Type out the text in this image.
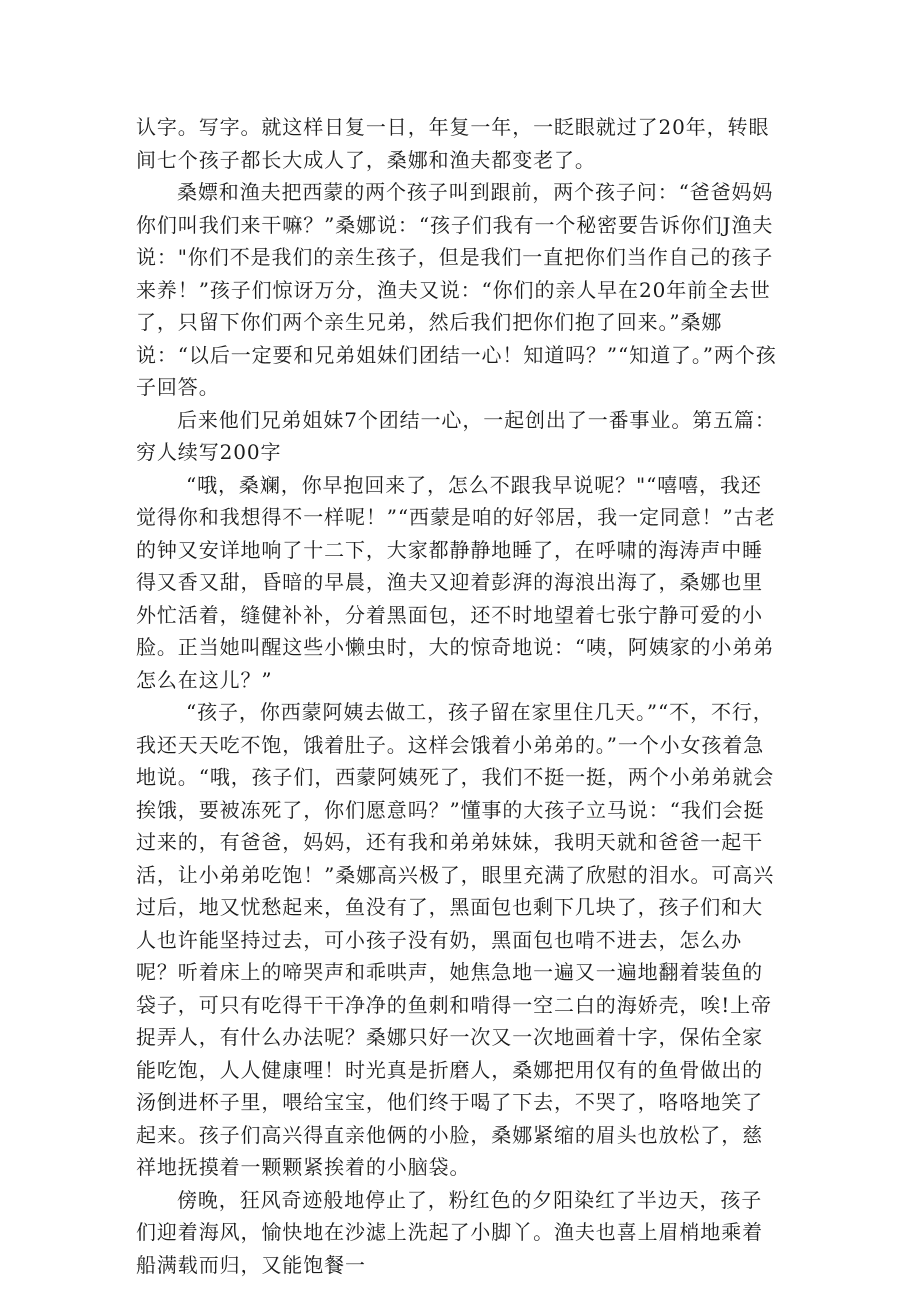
认字。写字。就这样日复一日，年复一年，一眨眼就过了20年，转眼间七个孩子都长大成人了，桑娜和渔夫都变老了。

桑嫖和渔夫把西蒙的两个孩子叫到跟前，两个孩子问：“爸爸妈妈你们叫我们来干嘛？”桑娜说：“孩子们我有一个秘密要告诉你们J渔夫说："你们不是我们的亲生孩子，但是我们一直把你们当作自己的孩子来养！”孩子们惊讶万分，渔夫又说：“你们的亲人早在20年前全去世了，只留下你们两个亲生兄弟，然后我们把你们抱了回来。”桑娜说：“以后一定要和兄弟姐妹们团结一心！知道吗？”“知道了。”两个孩子回答。

后来他们兄弟姐妹7个团结一心，一起创出了一番事业。第五篇：穷人续写200字

“哦，桑斓，你早抱回来了，怎么不跟我早说呢？"“嘻嘻，我还觉得你和我想得不一样呢！”“西蒙是咱的好邻居，我一定同意！”古老的钟又安详地响了十二下，大家都静静地睡了，在呼啸的海涛声中睡得又香又甜，昏暗的早晨，渔夫又迎着彭湃的海浪出海了，桑娜也里外忙活着，缝健补补，分着黑面包，还不时地望着七张宁静可爱的小脸。正当她叫醒这些小懒虫时，大的惊奇地说：“咦，阿姨家的小弟弟怎么在这儿？”

“孩子，你西蒙阿姨去做工，孩子留在家里住几天。”“不，不行，我还天天吃不饱，饿着肚子。这样会饿着小弟弟的。”一个小女孩着急地说。“哦，孩子们，西蒙阿姨死了，我们不挺一挺，两个小弟弟就会挨饿，要被冻死了，你们愿意吗？”懂事的大孩子立马说：“我们会挺过来的，有爸爸，妈妈，还有我和弟弟妹妹，我明天就和爸爸一起干活，让小弟弟吃饱！”桑娜高兴极了，眼里充满了欣慰的泪水。可高兴过后，地又忧愁起来，鱼没有了，黑面包也剩下几块了，孩子们和大人也许能坚持过去，可小孩子没有奶，黑面包也啃不进去，怎么办呢？听着床上的啼哭声和乖哄声，她焦急地一遍又一遍地翻着装鱼的袋子，可只有吃得干干净净的鱼刺和啃得一空二白的海娇壳，唉!上帝捉弄人，有什么办法呢？桑娜只好一次又一次地画着十字，保佑全家能吃饱，人人健康哩！时光真是折磨人，桑娜把用仅有的鱼骨做出的汤倒进杯子里，喂给宝宝，他们终于喝了下去，不哭了，咯咯地笑了起来。孩子们高兴得直亲他俩的小脸，桑娜紧缩的眉头也放松了，慈祥地抚摸着一颗颗紧挨着的小脑袋。

傍晚，狂风奇迹般地停止了，粉红色的夕阳染红了半边天，孩子们迎着海风，愉快地在沙滤上洗起了小脚丫。渔夫也喜上眉梢地乘着船满载而归，又能饱餐一
